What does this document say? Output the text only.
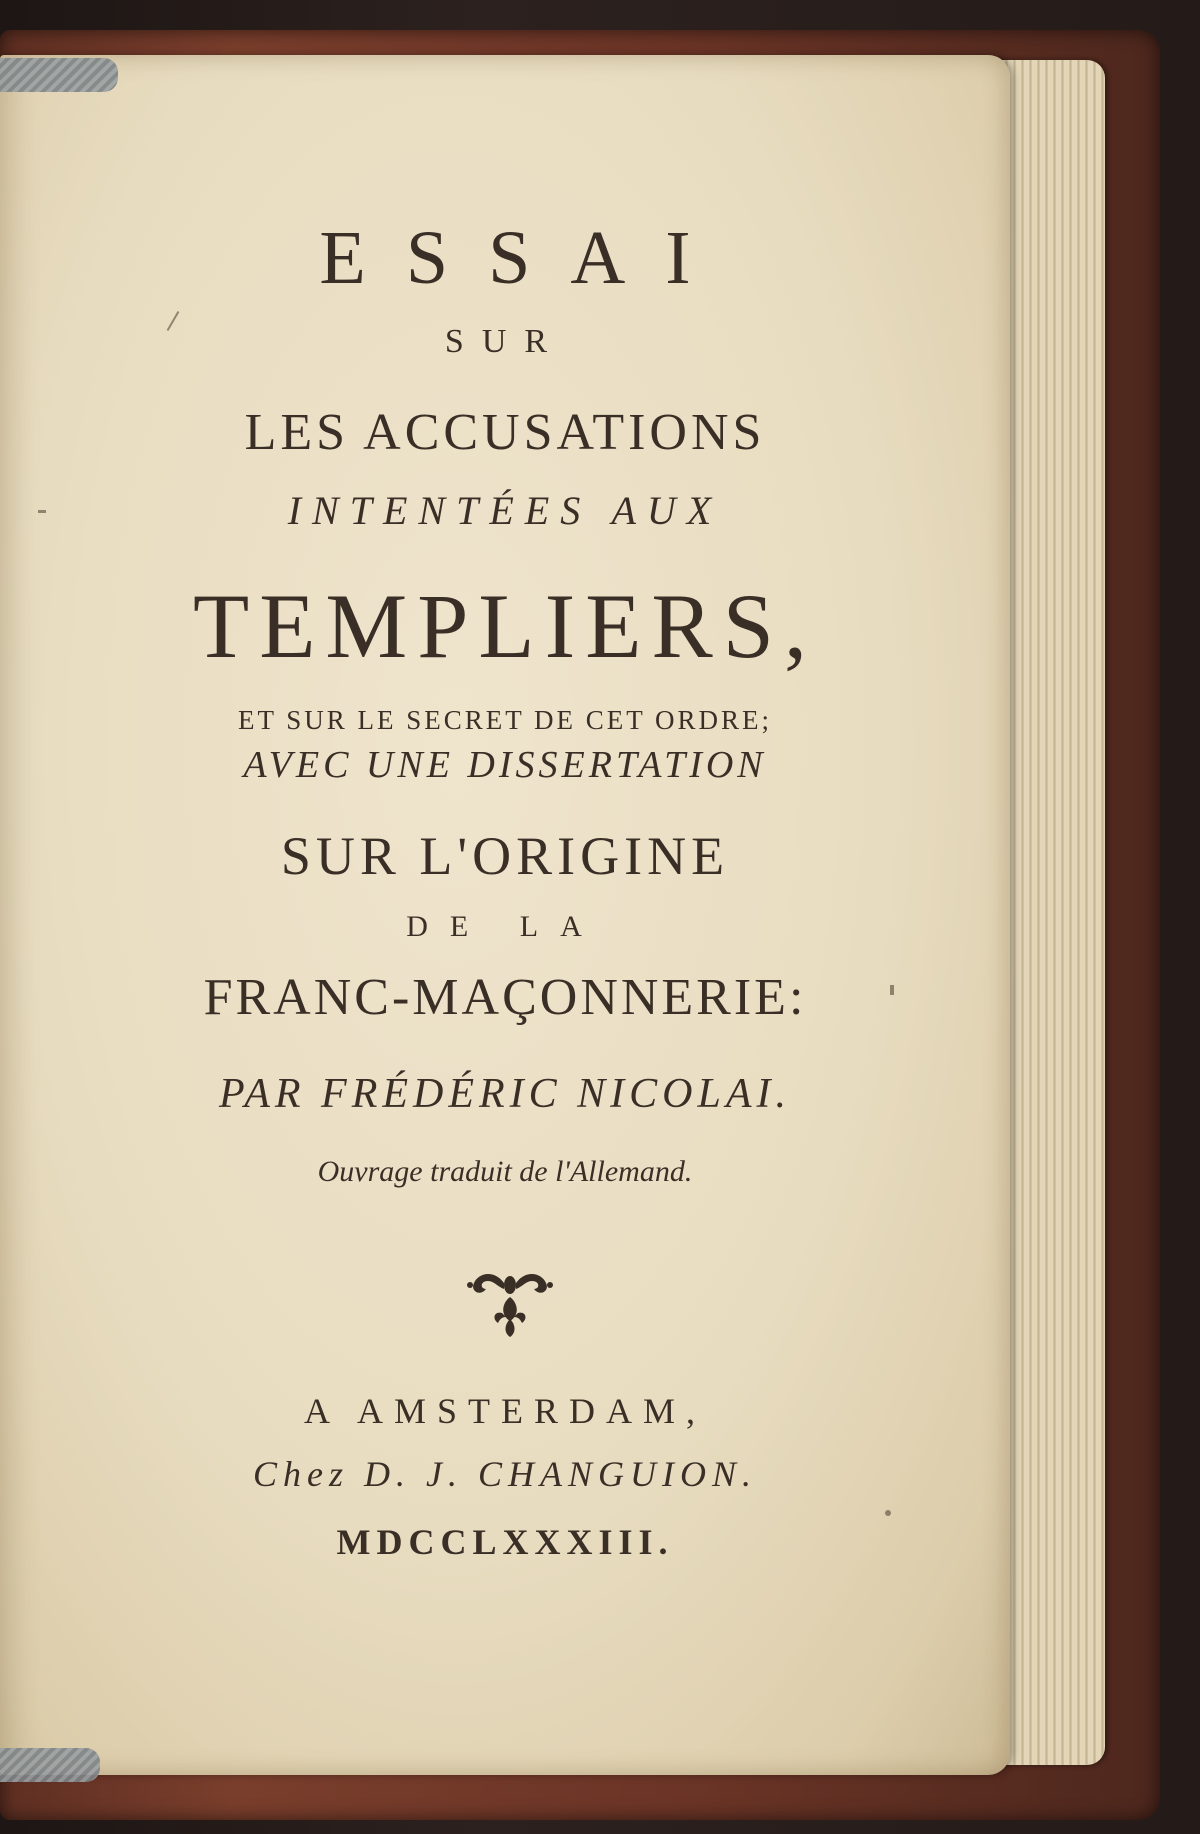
ESSAI
SUR
LES ACCUSATIONS
INTENTÉES AUX
TEMPLIERS,
ET SUR LE SECRET DE CET ORDRE;
AVEC UNE DISSERTATION
SUR L'ORIGINE
DE LA
FRANC-MAÇONNERIE:
PAR FRÉDÉRIC NICOLAI.
Ouvrage traduit de l'Allemand.
A AMSTERDAM,
Chez D. J. CHANGUION.
MDCCLXXXIII.
